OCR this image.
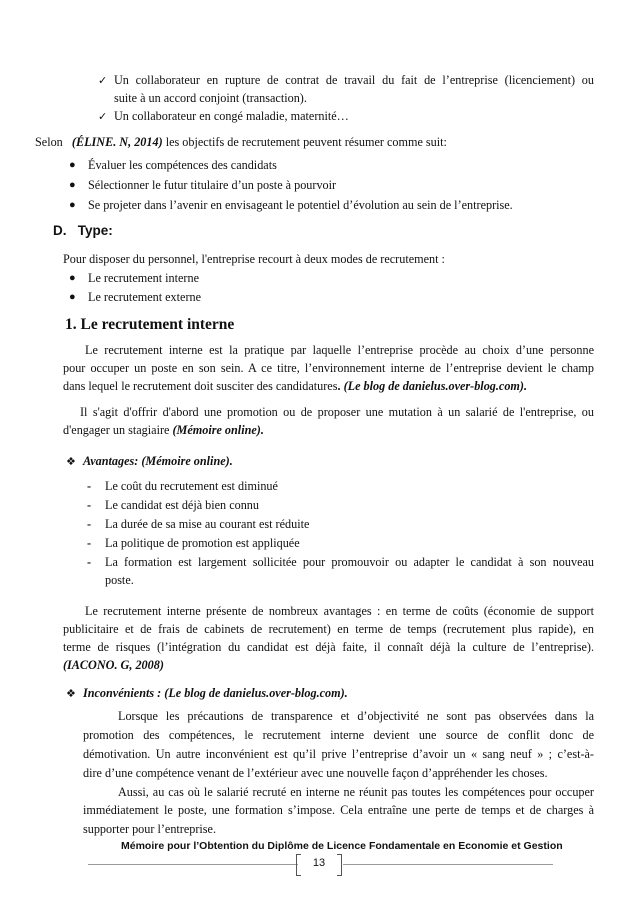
✓ Un collaborateur en rupture de contrat de travail du fait de l’entreprise (licenciement) ou
suite à un accord conjoint (transaction).
✓ Un collaborateur en congé maladie, maternité…
Selon (ÉLINE. N, 2014) les objectifs de recrutement peuvent résumer comme suit:
● Évaluer les compétences des candidats
● Sélectionner le futur titulaire d’un poste à pourvoir
● Se projeter dans l’avenir en envisageant le potentiel d’évolution au sein de l’entreprise.
D.   Type:
Pour disposer du personnel, l'entreprise recourt à deux modes de recrutement :
● Le recrutement interne
● Le recrutement externe
1. Le recrutement interne
Le recrutement interne est la pratique par laquelle l’entreprise procède au choix d’une personne
pour occuper un poste en son sein. A ce titre, l’environnement interne de l’entreprise devient le champ
dans lequel le recrutement doit susciter des candidatures. (Le blog de danielus.over-blog.com).
Il s'agit d'offrir d'abord une promotion ou de proposer une mutation à un salarié de l'entreprise, ou
d'engager un stagiaire (Mémoire online).
❖ Avantages: (Mémoire online).
- Le coût du recrutement est diminué
- Le candidat est déjà bien connu
- La durée de sa mise au courant est réduite
- La politique de promotion est appliquée
- La formation est largement sollicitée pour promouvoir ou adapter le candidat à son nouveau
poste.
Le recrutement interne présente de nombreux avantages : en terme de coûts (économie de support
publicitaire et de frais de cabinets de recrutement) en terme de temps (recrutement plus rapide), en
terme de risques (l’intégration du candidat est déjà faite, il connaît déjà la culture de l’entreprise).
(IACONO. G, 2008)
❖ Inconvénients : (Le blog de danielus.over-blog.com).
Lorsque les précautions de transparence et d’objectivité ne sont pas observées dans la
promotion des compétences, le recrutement interne devient une source de conflit donc de
démotivation. Un autre inconvénient est qu’il prive l’entreprise d’avoir un « sang neuf » ; c’est-à-
dire d’une compétence venant de l’extérieur avec une nouvelle façon d’appréhender les choses.
Aussi, au cas où le salarié recruté en interne ne réunit pas toutes les compétences pour occuper
immédiatement le poste, une formation s’impose. Cela entraîne une perte de temps et de charges à
supporter pour l’entreprise.
Mémoire pour l’Obtention du Diplôme de Licence Fondamentale en Economie et Gestion
13
